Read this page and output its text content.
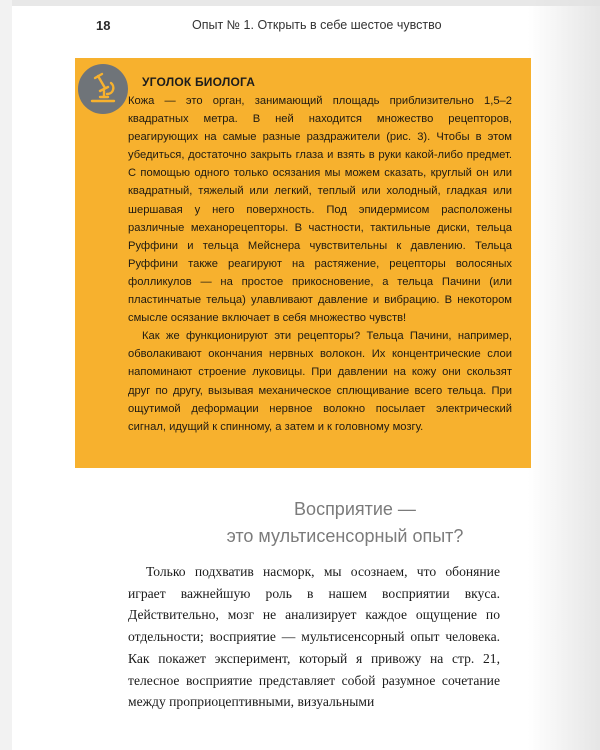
18	Опыт № 1. Открыть в себе шестое чувство
УГОЛОК БИОЛОГА

Кожа — это орган, занимающий площадь приблизительно 1,5–2 квадратных метра. В ней находится множество рецепторов, реагирующих на самые разные раздражители (рис. 3). Чтобы в этом убедиться, достаточно закрыть глаза и взять в руки какой-либо предмет. С помощью одного только осязания мы можем сказать, круглый он или квадратный, тяжелый или легкий, теплый или холодный, гладкая или шершавая у него поверхность. Под эпидермисом расположены различные механорецепторы. В частности, тактильные диски, тельца Руффини и тельца Мейснера чувствительны к давлению. Тельца Руффини также реагируют на растяжение, рецепторы волосяных фолликулов — на простое прикосновение, а тельца Пачини (или пластинчатые тельца) улавливают давление и вибрацию. В некотором смысле осязание включает в себя множество чувств!

Как же функционируют эти рецепторы? Тельца Пачини, например, обволакивают окончания нервных волокон. Их концентрические слои напоминают строение луковицы. При давлении на кожу они скользят друг по другу, вызывая механическое сплющивание всего тельца. При ощутимой деформации нервное волокно посылает электрический сигнал, идущий к спинному, а затем и к головному мозгу.

Восприятие —
это мультисенсорный опыт?

Только подхватив насморк, мы осознаем, что обоняние играет важнейшую роль в нашем восприятии вкуса. Действительно, мозг не анализирует каждое ощущение по отдельности; восприятие — мультисенсорный опыт человека. Как покажет эксперимент, который я привожу на стр. 21, телесное восприятие представляет собой разумное сочетание между проприоцептивными, визуальными
